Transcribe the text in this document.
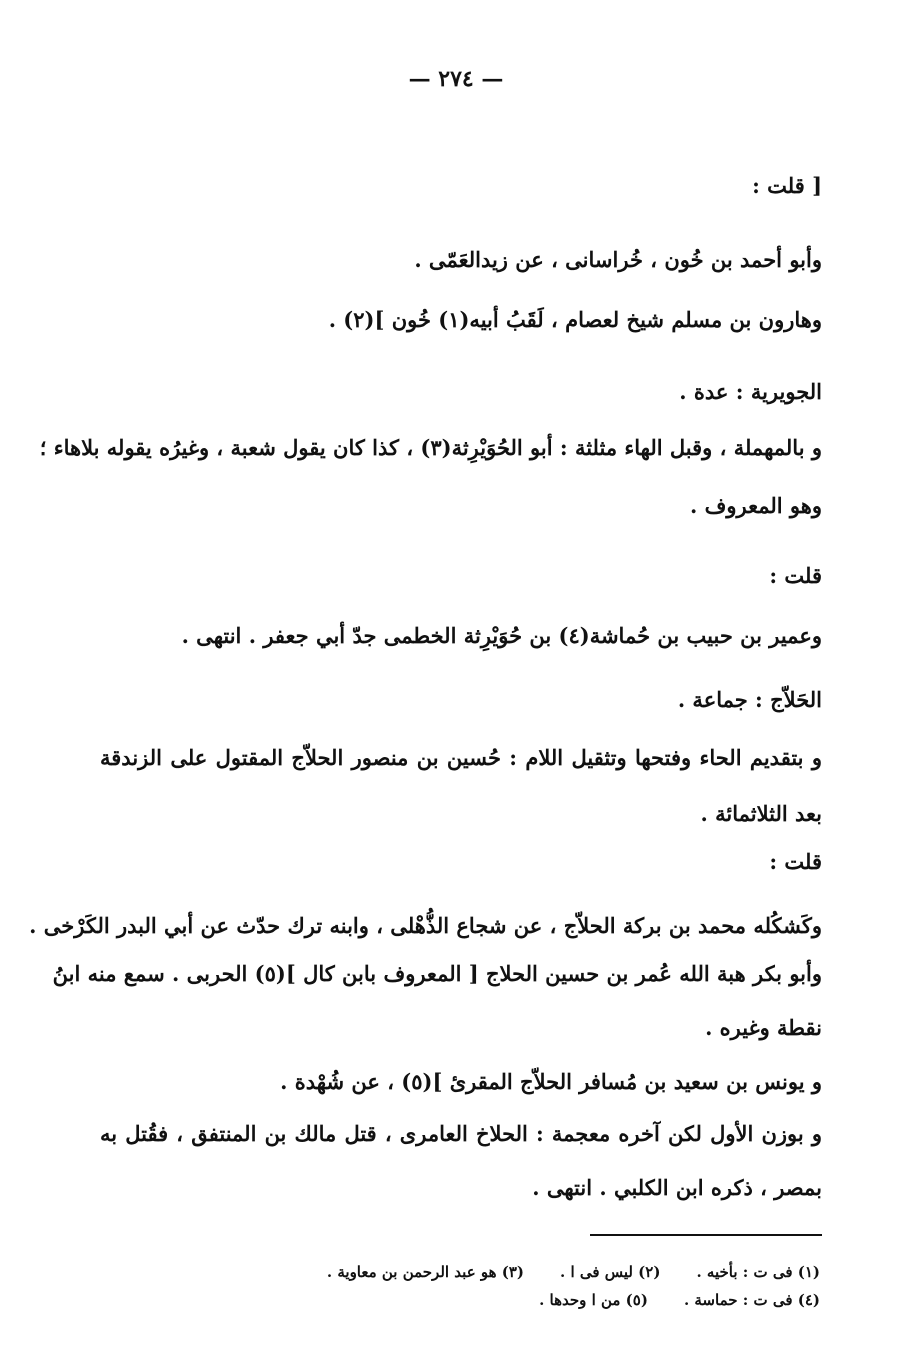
— ٢٧٤ —
[ قلت :
وأبو أحمد بن خُون ، خُراسانى ، عن زيدالعَمّى .
وهارون بن مسلم شيخ لعصام ، لَقَبُ أبيه(١) خُون ](٢) .
الجويرية : عدة .
و بالمهملة ، وقبل الهاء مثلثة : أبو الحُوَيْرِثة(٣) ، كذا كان يقول شعبة ، وغيرُه يقوله بلاهاء ؛
وهو المعروف .
قلت :
وعمير بن حبيب بن حُماشة(٤) بن حُوَيْرِثة الخطمى جدّ أبي جعفر . انتهى .
الحَلاّج : جماعة .
و بتقديم الحاء وفتحها وتثقيل اللام : حُسين بن منصور الحلاّج المقتول على الزندقة
بعد الثلاثمائة .
قلت :
وكَشكُله محمد بن بركة الحلاّج ، عن شجاع الذُّهْلى ، وابنه ترك حدّث عن أبي البدر الكَرْخى .
وأبو بكر هبة الله عُمر بن حسين الحلاج [ المعروف بابن كال ](٥) الحربى . سمع منه ابنُ
نقطة وغيره .
و يونس بن سعيد بن مُسافر الحلاّج المقرئ ](٥) ، عن شُهْدة .
و بوزن الأول لكن آخره معجمة : الحلاخ العامرى ، قتل مالك بن المنتفق ، فقُتل به
بمصر ، ذكره ابن الكلبي . انتهى .
(١) فى ت : بأخيه .
(٢) ليس فى ا .
(٣) هو عبد الرحمن بن معاوية .
(٤) فى ت : حماسة .
(٥) من ا وحدها .
